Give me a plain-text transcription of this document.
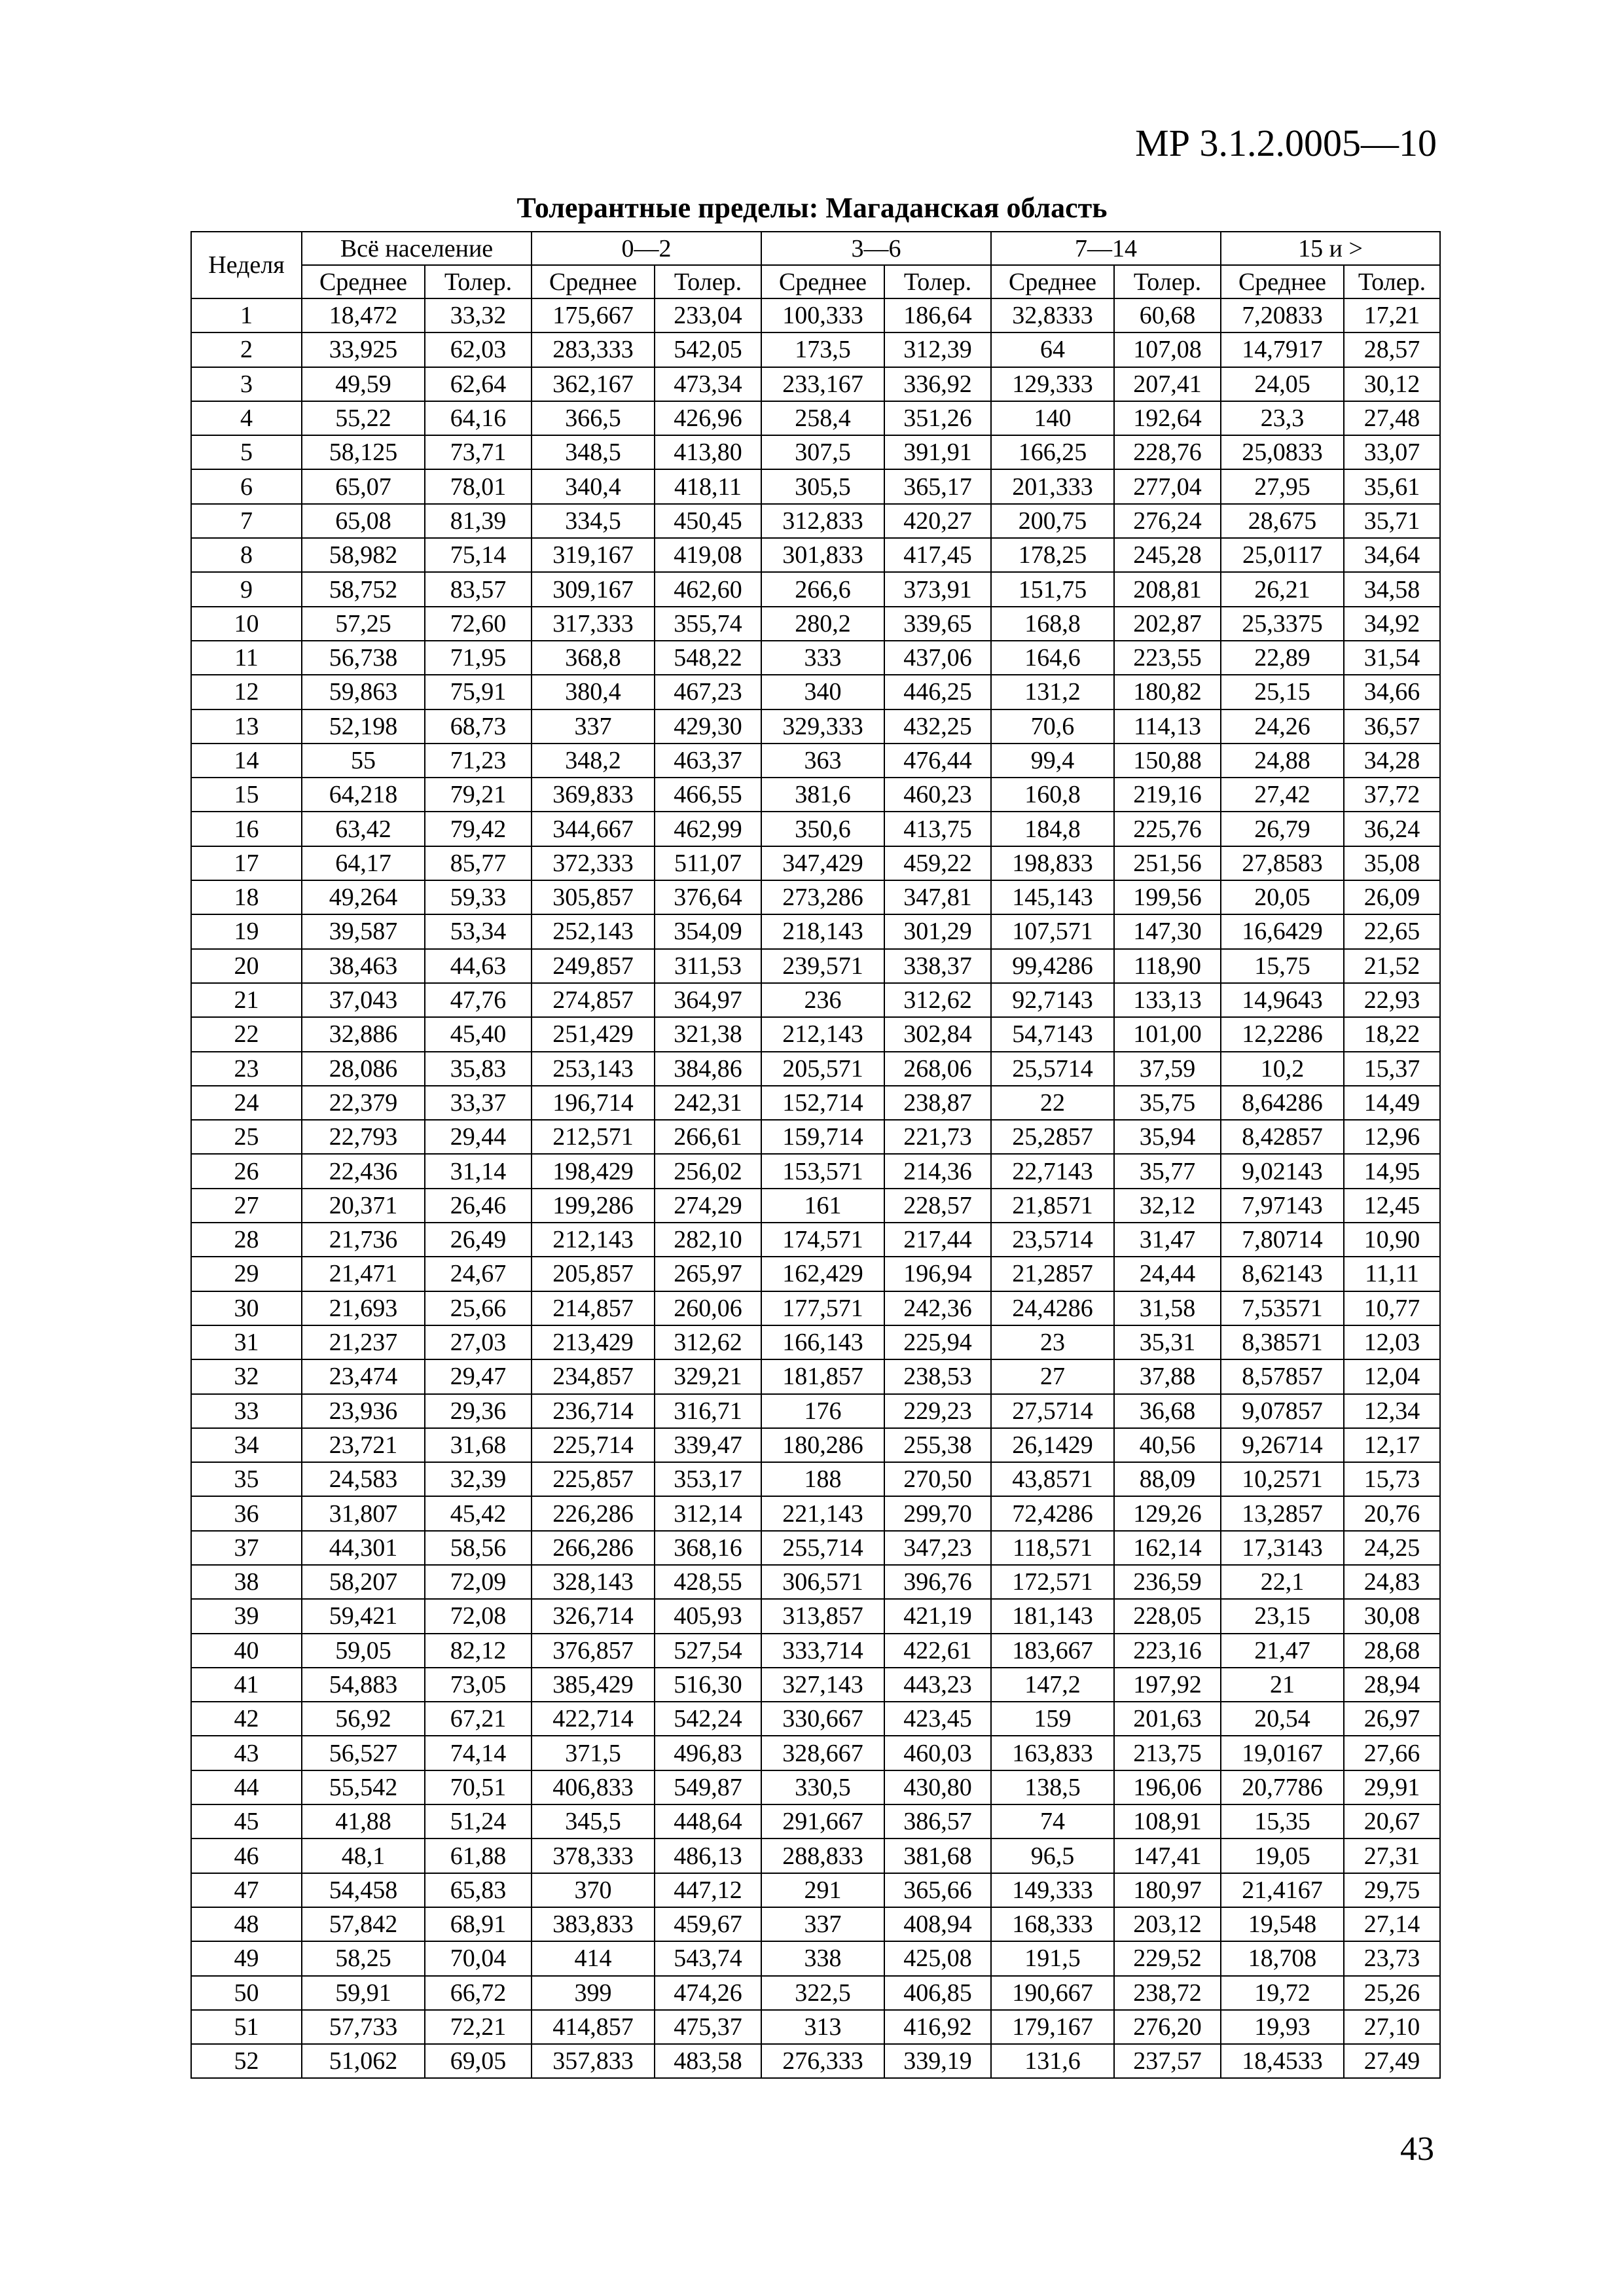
МР 3.1.2.0005—10
Толерантные пределы: Магаданская область
Неделя	Всё население		0—2		3—6		7—14		15 и >	
	Среднее	Толер.	Среднее	Толер.	Среднее	Толер.	Среднее	Толер.	Среднее	Толер.
1	18,472	33,32	175,667	233,04	100,333	186,64	32,8333	60,68	7,20833	17,21
2	33,925	62,03	283,333	542,05	173,5	312,39	64	107,08	14,7917	28,57
3	49,59	62,64	362,167	473,34	233,167	336,92	129,333	207,41	24,05	30,12
4	55,22	64,16	366,5	426,96	258,4	351,26	140	192,64	23,3	27,48
5	58,125	73,71	348,5	413,80	307,5	391,91	166,25	228,76	25,0833	33,07
6	65,07	78,01	340,4	418,11	305,5	365,17	201,333	277,04	27,95	35,61
7	65,08	81,39	334,5	450,45	312,833	420,27	200,75	276,24	28,675	35,71
8	58,982	75,14	319,167	419,08	301,833	417,45	178,25	245,28	25,0117	34,64
9	58,752	83,57	309,167	462,60	266,6	373,91	151,75	208,81	26,21	34,58
10	57,25	72,60	317,333	355,74	280,2	339,65	168,8	202,87	25,3375	34,92
11	56,738	71,95	368,8	548,22	333	437,06	164,6	223,55	22,89	31,54
12	59,863	75,91	380,4	467,23	340	446,25	131,2	180,82	25,15	34,66
13	52,198	68,73	337	429,30	329,333	432,25	70,6	114,13	24,26	36,57
14	55	71,23	348,2	463,37	363	476,44	99,4	150,88	24,88	34,28
15	64,218	79,21	369,833	466,55	381,6	460,23	160,8	219,16	27,42	37,72
16	63,42	79,42	344,667	462,99	350,6	413,75	184,8	225,76	26,79	36,24
17	64,17	85,77	372,333	511,07	347,429	459,22	198,833	251,56	27,8583	35,08
18	49,264	59,33	305,857	376,64	273,286	347,81	145,143	199,56	20,05	26,09
19	39,587	53,34	252,143	354,09	218,143	301,29	107,571	147,30	16,6429	22,65
20	38,463	44,63	249,857	311,53	239,571	338,37	99,4286	118,90	15,75	21,52
21	37,043	47,76	274,857	364,97	236	312,62	92,7143	133,13	14,9643	22,93
22	32,886	45,40	251,429	321,38	212,143	302,84	54,7143	101,00	12,2286	18,22
23	28,086	35,83	253,143	384,86	205,571	268,06	25,5714	37,59	10,2	15,37
24	22,379	33,37	196,714	242,31	152,714	238,87	22	35,75	8,64286	14,49
25	22,793	29,44	212,571	266,61	159,714	221,73	25,2857	35,94	8,42857	12,96
26	22,436	31,14	198,429	256,02	153,571	214,36	22,7143	35,77	9,02143	14,95
27	20,371	26,46	199,286	274,29	161	228,57	21,8571	32,12	7,97143	12,45
28	21,736	26,49	212,143	282,10	174,571	217,44	23,5714	31,47	7,80714	10,90
29	21,471	24,67	205,857	265,97	162,429	196,94	21,2857	24,44	8,62143	11,11
30	21,693	25,66	214,857	260,06	177,571	242,36	24,4286	31,58	7,53571	10,77
31	21,237	27,03	213,429	312,62	166,143	225,94	23	35,31	8,38571	12,03
32	23,474	29,47	234,857	329,21	181,857	238,53	27	37,88	8,57857	12,04
33	23,936	29,36	236,714	316,71	176	229,23	27,5714	36,68	9,07857	12,34
34	23,721	31,68	225,714	339,47	180,286	255,38	26,1429	40,56	9,26714	12,17
35	24,583	32,39	225,857	353,17	188	270,50	43,8571	88,09	10,2571	15,73
36	31,807	45,42	226,286	312,14	221,143	299,70	72,4286	129,26	13,2857	20,76
37	44,301	58,56	266,286	368,16	255,714	347,23	118,571	162,14	17,3143	24,25
38	58,207	72,09	328,143	428,55	306,571	396,76	172,571	236,59	22,1	24,83
39	59,421	72,08	326,714	405,93	313,857	421,19	181,143	228,05	23,15	30,08
40	59,05	82,12	376,857	527,54	333,714	422,61	183,667	223,16	21,47	28,68
41	54,883	73,05	385,429	516,30	327,143	443,23	147,2	197,92	21	28,94
42	56,92	67,21	422,714	542,24	330,667	423,45	159	201,63	20,54	26,97
43	56,527	74,14	371,5	496,83	328,667	460,03	163,833	213,75	19,0167	27,66
44	55,542	70,51	406,833	549,87	330,5	430,80	138,5	196,06	20,7786	29,91
45	41,88	51,24	345,5	448,64	291,667	386,57	74	108,91	15,35	20,67
46	48,1	61,88	378,333	486,13	288,833	381,68	96,5	147,41	19,05	27,31
47	54,458	65,83	370	447,12	291	365,66	149,333	180,97	21,4167	29,75
48	57,842	68,91	383,833	459,67	337	408,94	168,333	203,12	19,548	27,14
49	58,25	70,04	414	543,74	338	425,08	191,5	229,52	18,708	23,73
50	59,91	66,72	399	474,26	322,5	406,85	190,667	238,72	19,72	25,26
51	57,733	72,21	414,857	475,37	313	416,92	179,167	276,20	19,93	27,10
52	51,062	69,05	357,833	483,58	276,333	339,19	131,6	237,57	18,4533	27,49
43
